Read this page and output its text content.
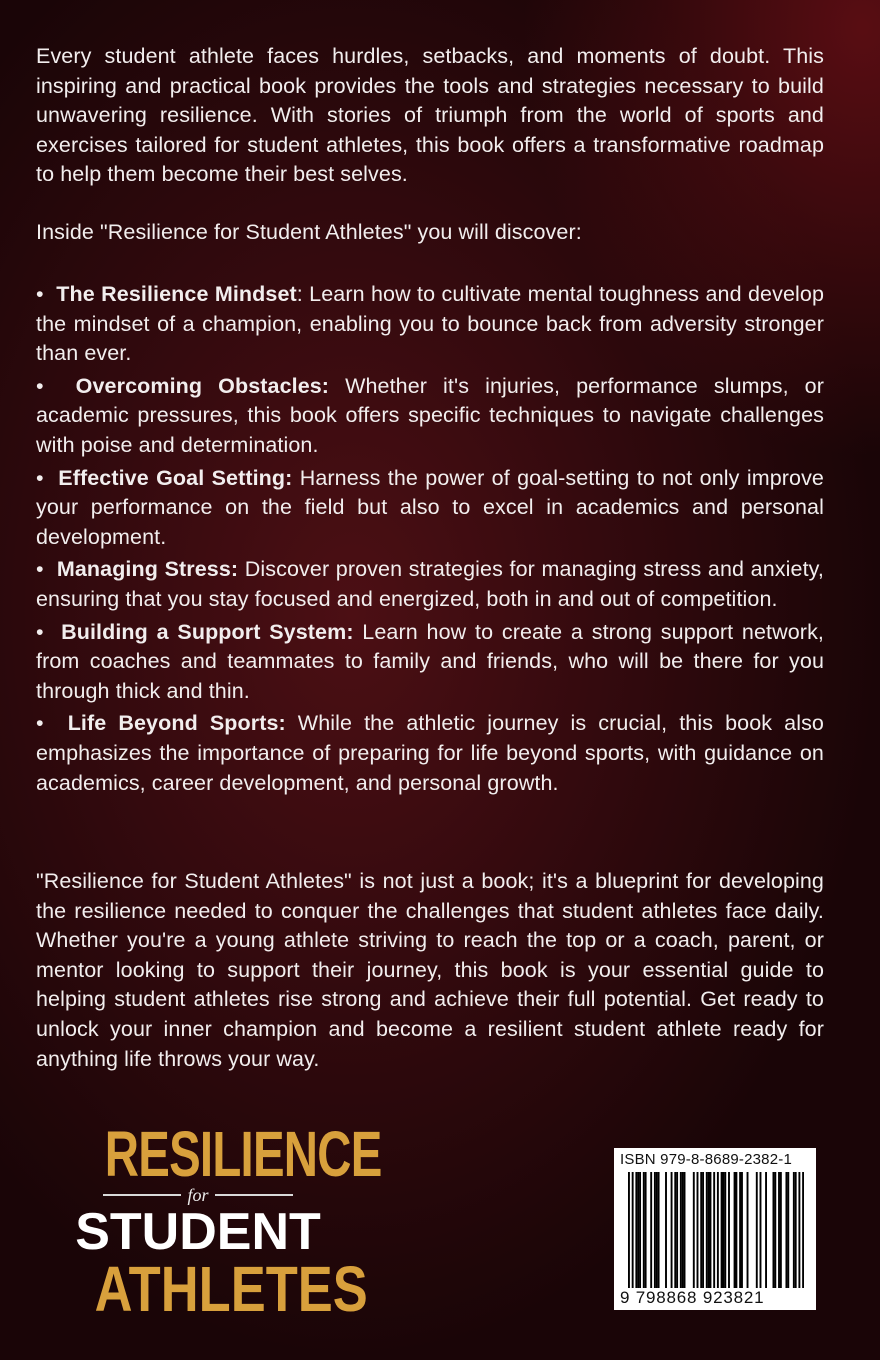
Every student athlete faces hurdles, setbacks, and moments of doubt. This inspiring and practical book provides the tools and strategies necessary to build unwavering resilience. With stories of triumph from the world of sports and exercises tailored for student athletes, this book offers a transformative roadmap to help them become their best selves.
Inside "Resilience for Student Athletes" you will discover:
• The Resilience Mindset: Learn how to cultivate mental toughness and develop the mindset of a champion, enabling you to bounce back from adversity stronger than ever.
• Overcoming Obstacles: Whether it's injuries, performance slumps, or academic pressures, this book offers specific techniques to navigate challenges with poise and determination.
• Effective Goal Setting: Harness the power of goal-setting to not only improve your performance on the field but also to excel in academics and personal development.
•  Managing Stress: Discover proven strategies for managing stress and anxiety, ensuring that you stay focused and energized, both in and out of competition.
• Building a Support System: Learn how to create a strong support network, from coaches and teammates to family and friends, who will be there for you through thick and thin.
• Life Beyond Sports: While the athletic journey is crucial, this book also emphasizes the importance of preparing for life beyond sports, with guidance on academics, career development, and personal growth.
"Resilience for Student Athletes" is not just a book; it's a blueprint for developing the resilience needed to conquer the challenges that student athletes face daily. Whether you're a young athlete striving to reach the top or a coach, parent, or mentor looking to support their journey, this book is your essential guide to helping student athletes rise strong and achieve their full potential. Get ready to unlock your inner champion and become a resilient student athlete ready for anything life throws your way.
RESILIENCE
for
STUDENT
ATHLETES
ISBN 979-8-8689-2382-1
9 798868 923821
